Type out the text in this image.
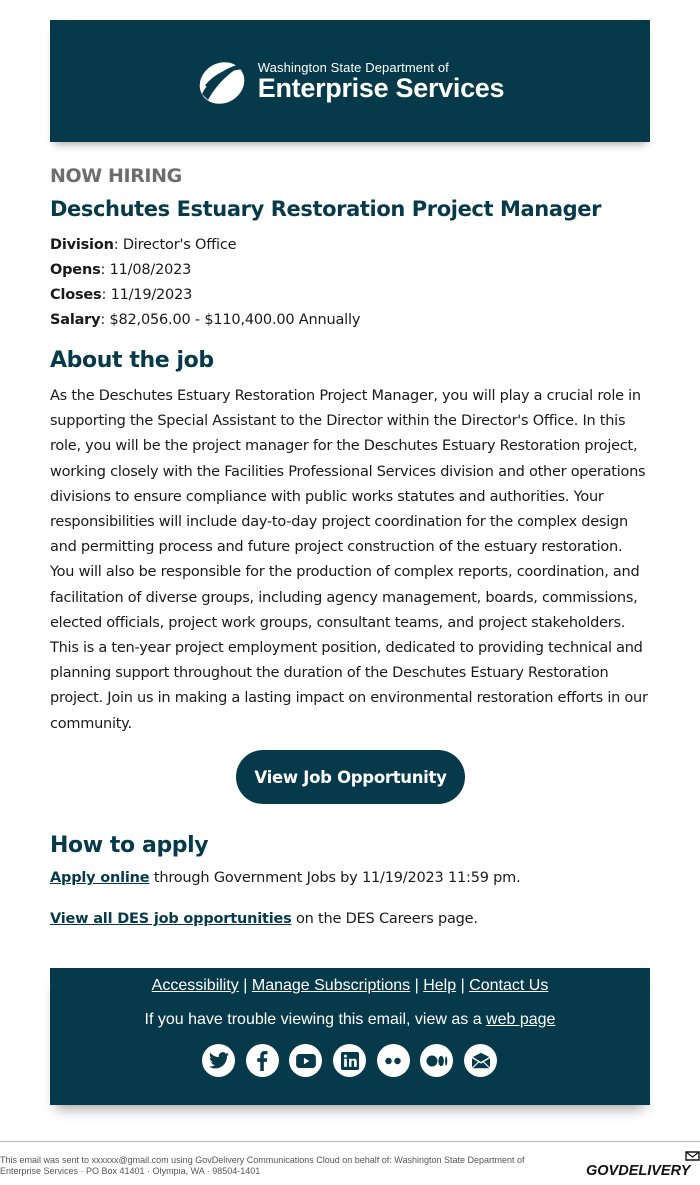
Washington State Department of
Enterprise Services
NOW HIRING
Deschutes Estuary Restoration Project Manager
Division: Director's Office
Opens: 11/08/2023
Closes: 11/19/2023
Salary: $82,056.00 - $110,400.00 Annually
About the job

As the Deschutes Estuary Restoration Project Manager, you will play a crucial role in supporting the Special Assistant to the Director within the Director's Office. In this role, you will be the project manager for the Deschutes Estuary Restoration project, working closely with the Facilities Professional Services division and other operations divisions to ensure compliance with public works statutes and authorities. Your responsibilities will include day-to-day project coordination for the complex design and permitting process and future project construction of the estuary restoration. You will also be responsible for the production of complex reports, coordination, and facilitation of diverse groups, including agency management, boards, commissions, elected officials, project work groups, consultant teams, and project stakeholders. This is a ten-year project employment position, dedicated to providing technical and planning support throughout the duration of the Deschutes Estuary Restoration project. Join us in making a lasting impact on environmental restoration efforts in our community.

View Job Opportunity
How to apply
Apply online through Government Jobs by 11/19/2023 11:59 pm.
View all DES job opportunities on the DES Careers page.
Accessibility | Manage Subscriptions | Help | Contact Us
If you have trouble viewing this email, view as a web page
This email was sent to xxxxxx@gmail.com using GovDelivery Communications Cloud on behalf of: Washington State Department of
Enterprise Services · PO Box 41401 · Olympia, WA · 98504-1401	GOVDELIVERY
